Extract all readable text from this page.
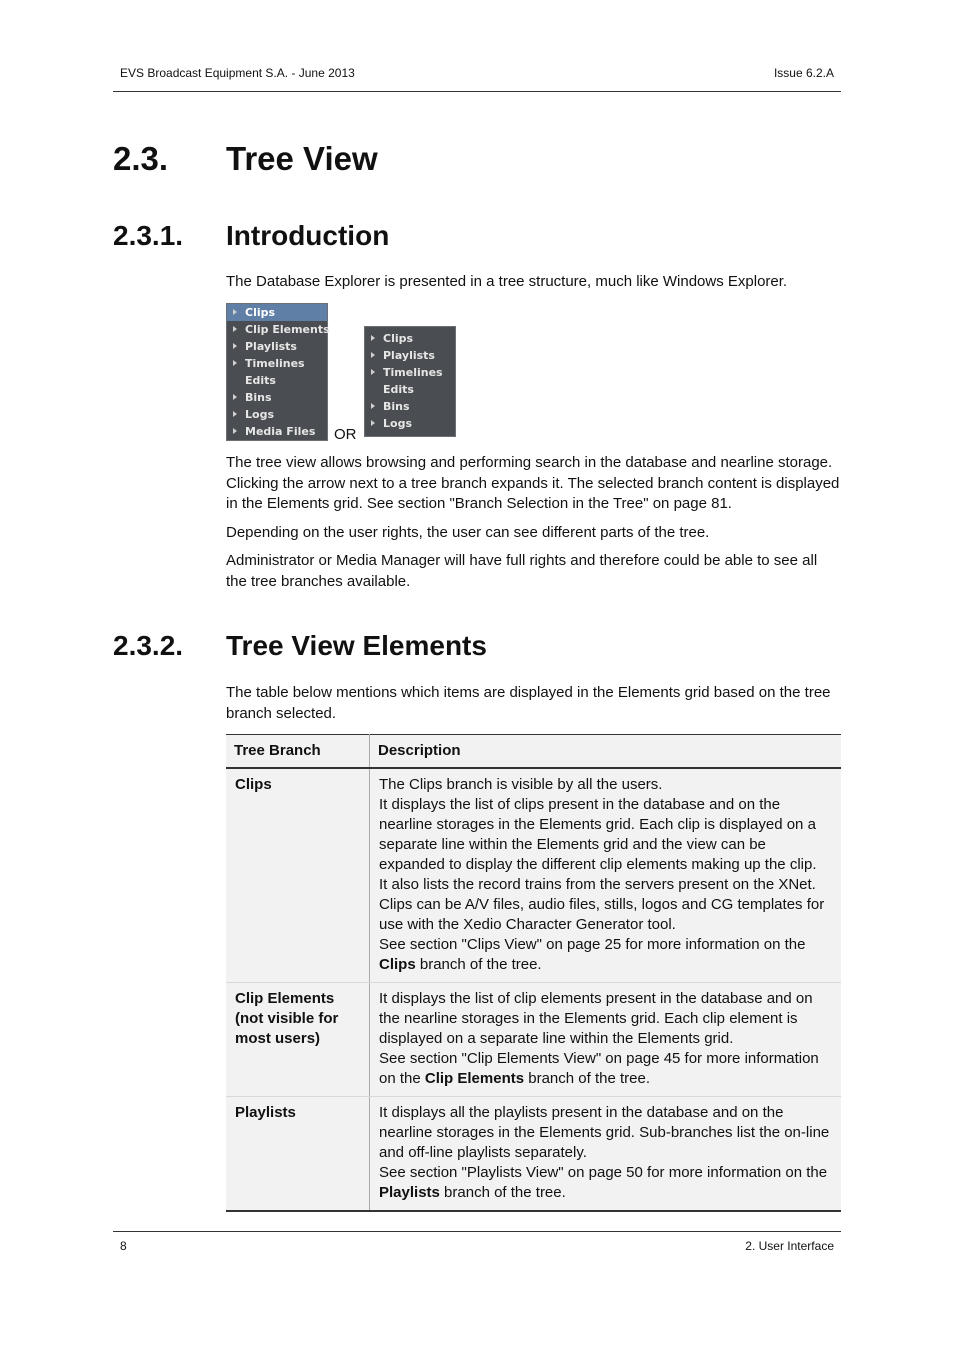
EVS Broadcast Equipment S.A. - June 2013	Issue 6.2.A
2.3. Tree View
2.3.1. Introduction

The Database Explorer is presented in a tree structure, much like Windows Explorer.

Clips
Clip Elements
Playlists
Timelines
Edits
Bins
Logs
Media Files	OR
Clips
Playlists
Timelines
Edits
Bins
Logs

The tree view allows browsing and performing search in the database and nearline storage. Clicking the arrow next to a tree branch expands it. The selected branch content is displayed in the Elements grid. See section "Branch Selection in the Tree" on page 81.

Depending on the user rights, the user can see different parts of the tree.

Administrator or Media Manager will have full rights and therefore could be able to see all the tree branches available.

2.3.2. Tree View Elements

The table below mentions which items are displayed in the Elements grid based on the tree branch selected.

Tree Branch	Description
Clips	The Clips branch is visible by all the users.
It displays the list of clips present in the database and on the nearline storages in the Elements grid. Each clip is displayed on a separate line within the Elements grid and the view can be expanded to display the different clip elements making up the clip.
It also lists the record trains from the servers present on the XNet.
Clips can be A/V files, audio files, stills, logos and CG templates for use with the Xedio Character Generator tool.
See section "Clips View" on page 25 for more information on the Clips branch of the tree.

Clip Elements (not visible for most users)	It displays the list of clip elements present in the database and on the nearline storages in the Elements grid. Each clip element is displayed on a separate line within the Elements grid.
See section "Clip Elements View" on page 45 for more information on the Clip Elements branch of the tree.

Playlists	It displays all the playlists present in the database and on the nearline storages in the Elements grid. Sub-branches list the on-line and off-line playlists separately.
See section "Playlists View" on page 50 for more information on the Playlists branch of the tree.
8	2. User Interface
